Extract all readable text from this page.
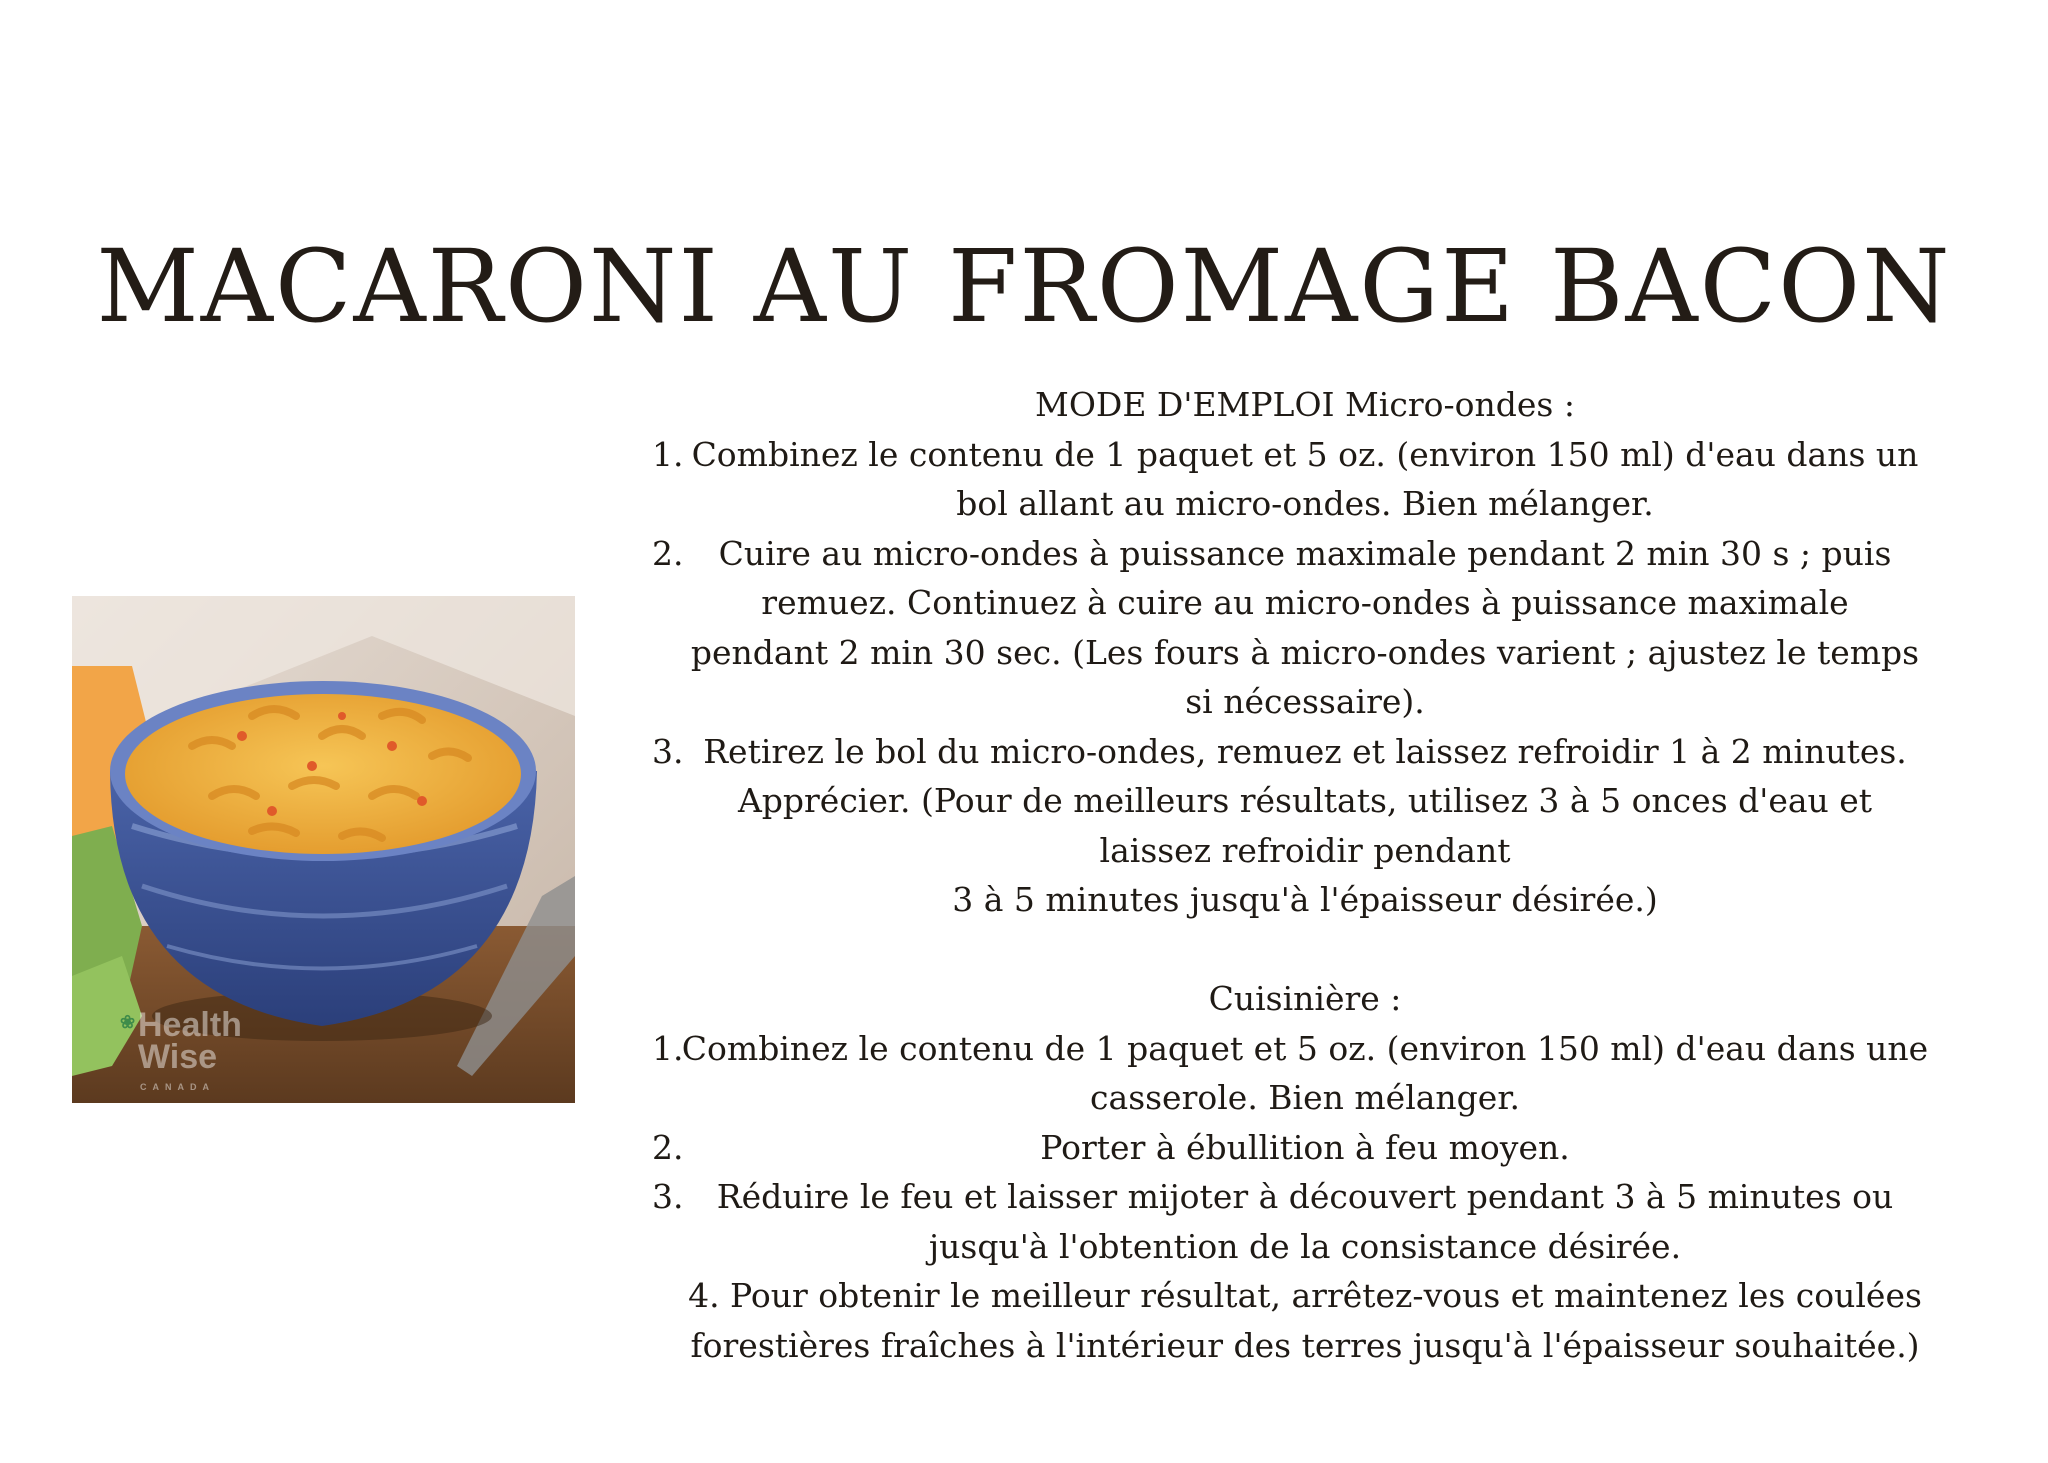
MACARONI AU FROMAGE BACON
❀ Health
Wise
CANADA
MODE D'EMPLOI Micro-ondes :
1. Combinez le contenu de 1 paquet et 5 oz. (environ 150 ml) d'eau dans un
bol allant au micro-ondes. Bien mélanger.
2.	Cuire au micro-ondes à puissance maximale pendant 2 min 30 s ; puis
remuez. Continuez à cuire au micro-ondes à puissance maximale
pendant 2 min 30 sec. (Les fours à micro-ondes varient ; ajustez le temps
si nécessaire).
3. Retirez le bol du micro-ondes, remuez et laissez refroidir 1 à 2 minutes.
Apprécier. (Pour de meilleurs résultats, utilisez 3 à 5 onces d'eau et
laissez refroidir pendant
3 à 5 minutes jusqu'à l'épaisseur désirée.)
Cuisinière :
1.
Combinez le contenu de 1 paquet et 5 oz. (environ 150 ml) d'eau dans une
casserole. Bien mélanger.
2.	Porter à ébullition à feu moyen.
3.	Réduire le feu et laisser mijoter à découvert pendant 3 à 5 minutes ou
jusqu'à l'obtention de la consistance désirée.
4. Pour obtenir le meilleur résultat, arrêtez-vous et maintenez les coulées
forestières fraîches à l'intérieur des terres jusqu'à l'épaisseur souhaitée.)
